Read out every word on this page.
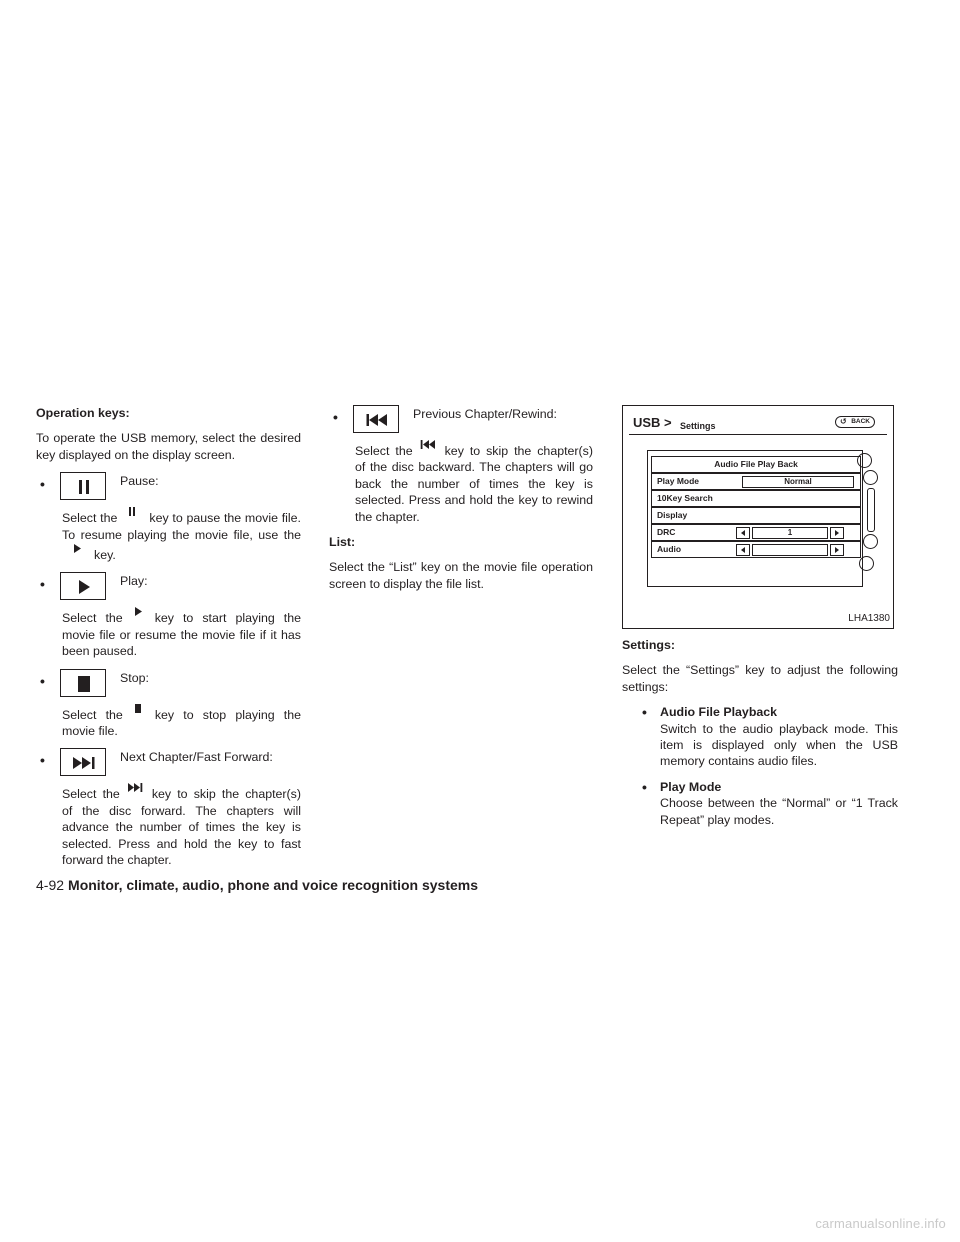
Operation keys:

To operate the USB memory, select the desired key displayed on the display screen.

•	Pause:

Select the	key to pause the movie file. To resume playing the movie file, use thekey.

•	Play:

Select the	key to start playing the movie file or resume the movie file if it has been paused.

•	Stop:

Select the	key to stop playing the movie file.

•	Next Chapter/Fast Forward:

Select the	key to skip the chapter(s) of the disc forward. The chapters will advance the number of times the key is selected. Press and hold the key to fast forward the chapter.

•	Previous Chapter/Rewind:

Select the	key to skip the chapter(s) of the disc backward. The chapters will go back the number of times the key is selected. Press and hold the key to rewind the chapter.

List:

Select the “List” key on the movie file operation screen to display the file list.

USB > Settings	↺ BACK
Audio File Play Back
Play Mode	Normal
10Key Search
Display
DRC	1
Audio
LHA1380

Settings:

Select the “Settings” key to adjust the following settings:

• Audio File Playback
Switch to the audio playback mode. This item is displayed only when the USB memory contains audio files.
• Play Mode
Choose between the “Normal” or “1 Track Repeat” play modes.
4-92 Monitor, climate, audio, phone and voice recognition systems
carmanualsonline.info
